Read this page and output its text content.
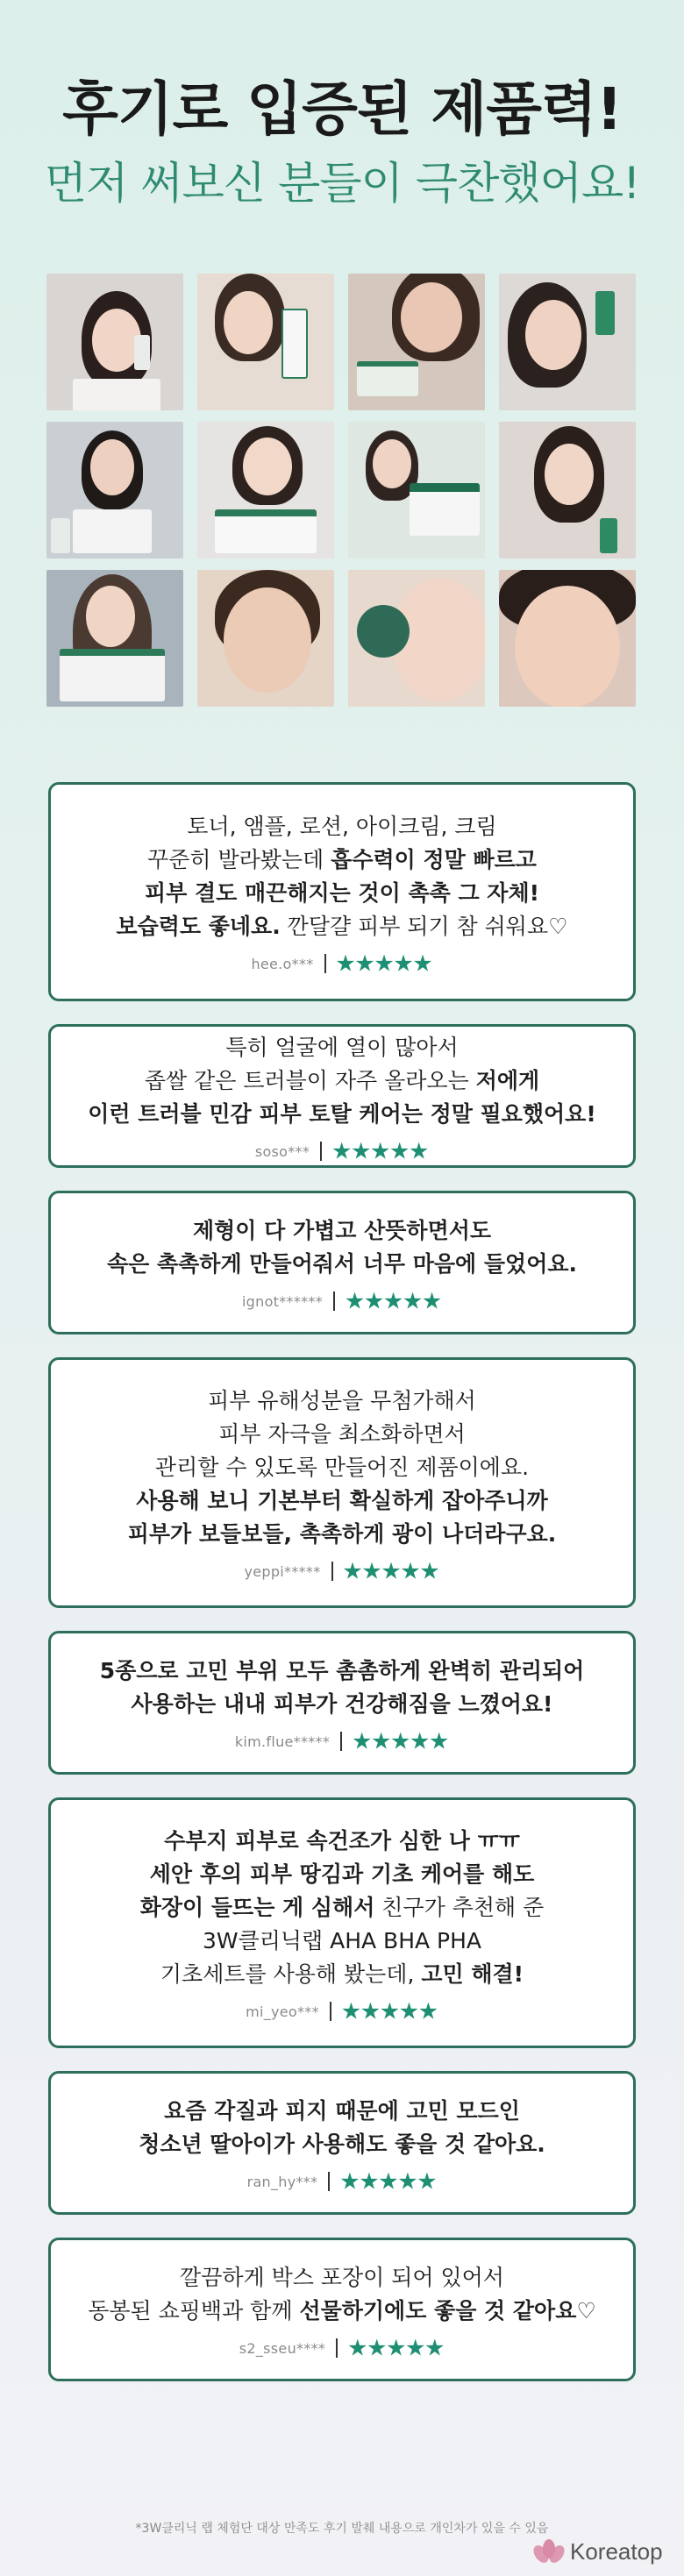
후기로 입증된 제품력!
먼저 써보신 분들이 극찬했어요!
토너, 앰플, 로션, 아이크림, 크림
꾸준히 발라봤는데 흡수력이 정말 빠르고
피부 결도 매끈해지는 것이 촉촉 그 자체!
보습력도 좋네요. 깐달걀 피부 되기 참 쉬워요♡
hee.o***
특히 얼굴에 열이 많아서
좁쌀 같은 트러블이 자주 올라오는 저에게
이런 트러블 민감 피부 토탈 케어는 정말 필요했어요!
soso***
제형이 다 가볍고 산뜻하면서도
속은 촉촉하게 만들어줘서 너무 마음에 들었어요.
ignot******
피부 유해성분을 무첨가해서
피부 자극을 최소화하면서
관리할 수 있도록 만들어진 제품이에요.
사용해 보니 기본부터 확실하게 잡아주니까
피부가 보들보들, 촉촉하게 광이 나더라구요.
yeppi*****
5종으로 고민 부위 모두 촘촘하게 완벽히 관리되어
사용하는 내내 피부가 건강해짐을 느꼈어요!
kim.flue*****
수부지 피부로 속건조가 심한 나 ㅠㅠ
세안 후의 피부 땅김과 기초 케어를 해도
화장이 들뜨는 게 심해서 친구가 추천해 준
3W클리닉랩 AHA BHA PHA
기초세트를 사용해 봤는데, 고민 해결!
mi_yeo***
요즘 각질과 피지 때문에 고민 모드인
청소년 딸아이가 사용해도 좋을 것 같아요.
ran_hy***
깔끔하게 박스 포장이 되어 있어서
동봉된 쇼핑백과 함께 선물하기에도 좋을 것 같아요♡
s2_sseu****
*3W클리닉 랩 체험단 대상 만족도 후기 발췌 내용으로 개인차가 있을 수 있음
Koreatop
